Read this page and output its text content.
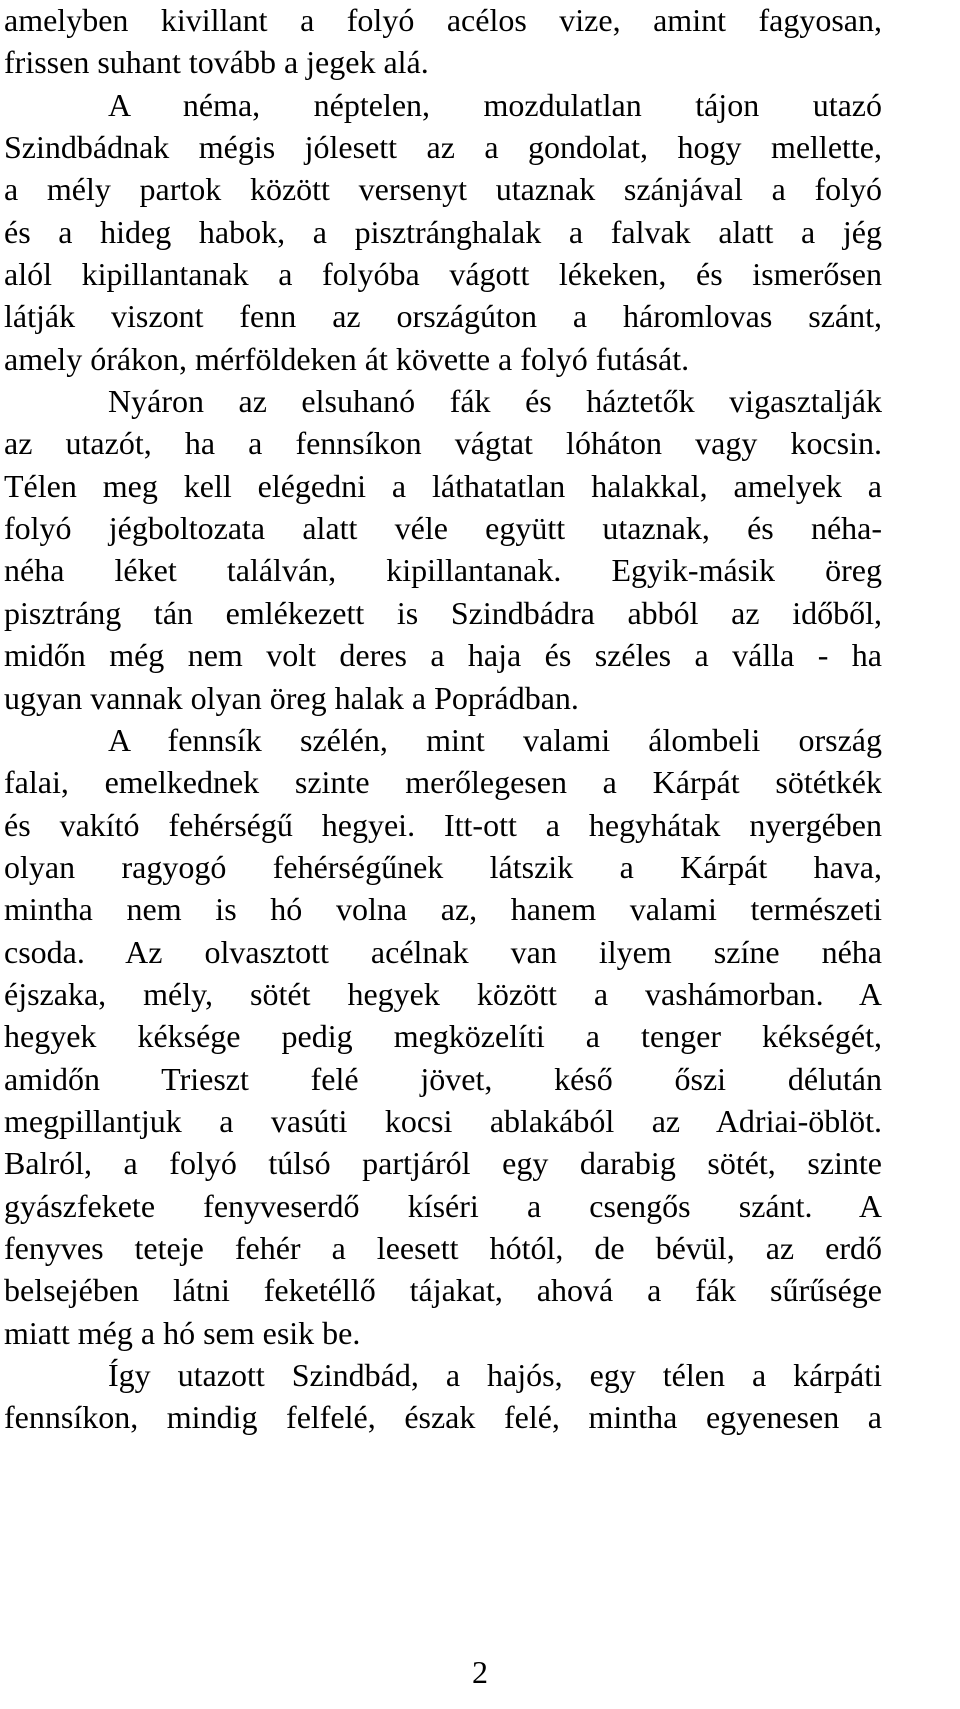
amelyben kivillant a folyó acélos vize, amint fagyosan,
frissen suhant tovább a jegek alá.
A néma, néptelen, mozdulatlan tájon utazó
Szindbádnak mégis jólesett az a gondolat, hogy mellette,
a mély partok között versenyt utaznak szánjával a folyó
és a hideg habok, a pisztránghalak a falvak alatt a jég
alól kipillantanak a folyóba vágott lékeken, és ismerősen
látják viszont fenn az országúton a háromlovas szánt,
amely órákon, mérföldeken át követte a folyó futását.
Nyáron az elsuhanó fák és háztetők vigasztalják
az utazót, ha a fennsíkon vágtat lóháton vagy kocsin.
Télen meg kell elégedni a láthatatlan halakkal, amelyek a
folyó jégboltozata alatt véle együtt utaznak, és néha-
néha léket találván, kipillantanak. Egyik-másik öreg
pisztráng tán emlékezett is Szindbádra abból az időből,
midőn még nem volt deres a haja és széles a válla - ha
ugyan vannak olyan öreg halak a Poprádban.
A fennsík szélén, mint valami álombeli ország
falai, emelkednek szinte merőlegesen a Kárpát sötétkék
és vakító fehérségű hegyei. Itt-ott a hegyhátak nyergében
olyan ragyogó fehérségűnek látszik a Kárpát hava,
mintha nem is hó volna az, hanem valami természeti
csoda. Az olvasztott acélnak van ilyem színe néha
éjszaka, mély, sötét hegyek között a vashámorban. A
hegyek kéksége pedig megközelíti a tenger kékségét,
amidőn Trieszt felé jövet, késő őszi délután
megpillantjuk a vasúti kocsi ablakából az Adriai-öblöt.
Balról, a folyó túlsó partjáról egy darabig sötét, szinte
gyászfekete fenyveserdő kíséri a csengős szánt. A
fenyves teteje fehér a leesett hótól, de bévül, az erdő
belsejében látni feketéllő tájakat, ahová a fák sűrűsége
miatt még a hó sem esik be.
Így utazott Szindbád, a hajós, egy télen a kárpáti
fennsíkon, mindig felfelé, észak felé, mintha egyenesen a
2
